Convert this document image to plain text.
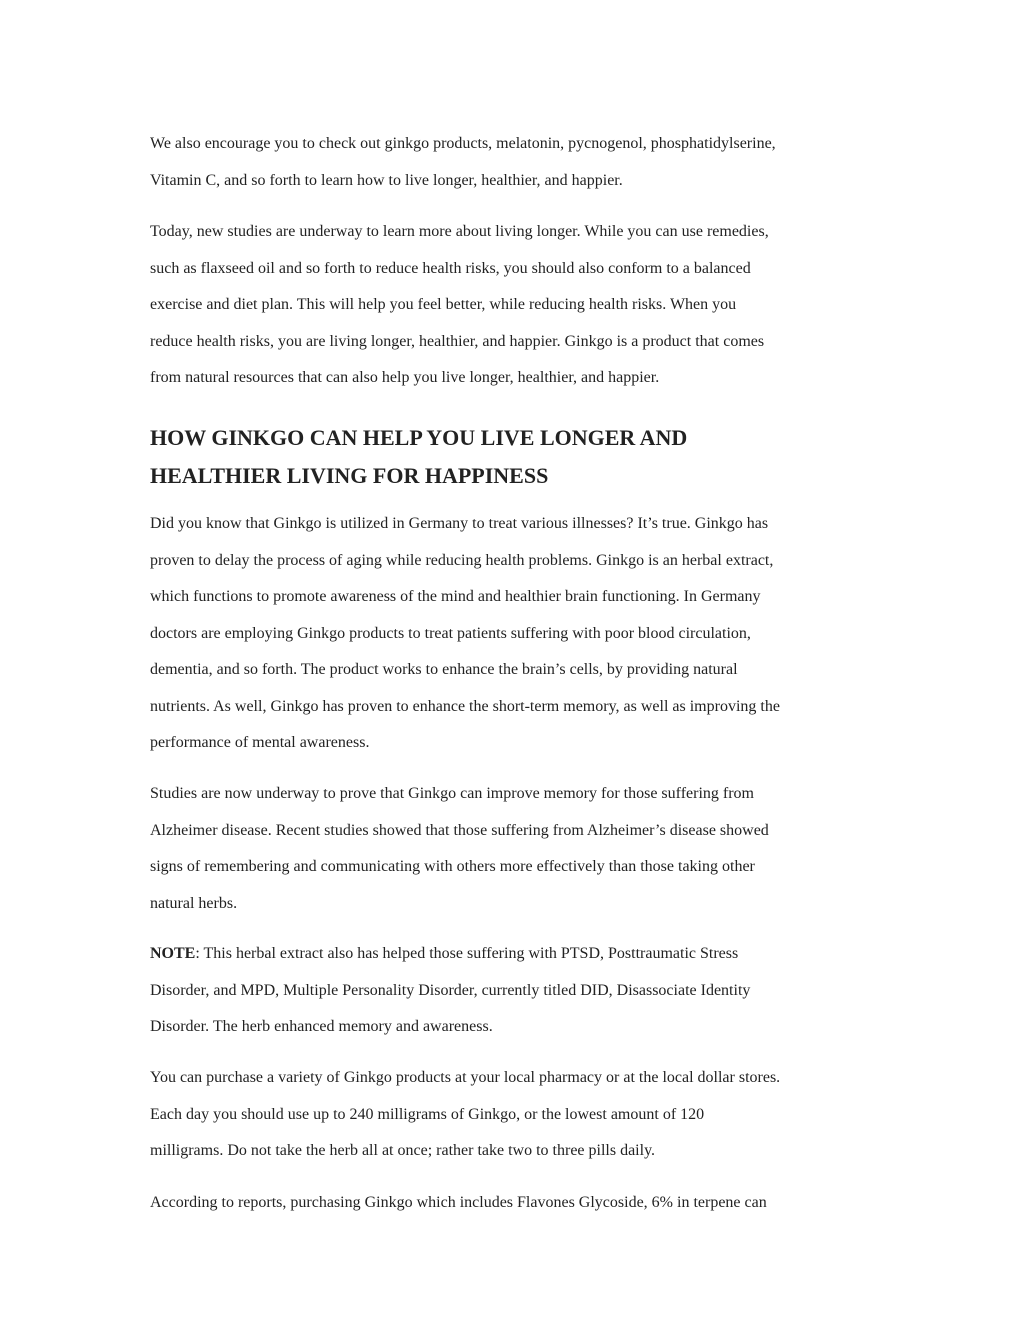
We also encourage you to check out ginkgo products, melatonin, pycnogenol, phosphatidylserine,
Vitamin C, and so forth to learn how to live longer, healthier, and happier.

Today, new studies are underway to learn more about living longer. While you can use remedies,
such as flaxseed oil and so forth to reduce health risks, you should also conform to a balanced
exercise and diet plan. This will help you feel better, while reducing health risks. When you
reduce health risks, you are living longer, healthier, and happier. Ginkgo is a product that comes
from natural resources that can also help you live longer, healthier, and happier.

HOW GINKGO CAN HELP YOU LIVE LONGER AND
HEALTHIER LIVING FOR HAPPINESS

Did you know that Ginkgo is utilized in Germany to treat various illnesses? It’s true. Ginkgo has
proven to delay the process of aging while reducing health problems. Ginkgo is an herbal extract,
which functions to promote awareness of the mind and healthier brain functioning. In Germany
doctors are employing Ginkgo products to treat patients suffering with poor blood circulation,
dementia, and so forth. The product works to enhance the brain’s cells, by providing natural
nutrients. As well, Ginkgo has proven to enhance the short-term memory, as well as improving the
performance of mental awareness.

Studies are now underway to prove that Ginkgo can improve memory for those suffering from
Alzheimer disease. Recent studies showed that those suffering from Alzheimer’s disease showed
signs of remembering and communicating with others more effectively than those taking other
natural herbs.

NOTE: This herbal extract also has helped those suffering with PTSD, Posttraumatic Stress
Disorder, and MPD, Multiple Personality Disorder, currently titled DID, Disassociate Identity
Disorder. The herb enhanced memory and awareness.

You can purchase a variety of Ginkgo products at your local pharmacy or at the local dollar stores.
Each day you should use up to 240 milligrams of Ginkgo, or the lowest amount of 120
milligrams. Do not take the herb all at once; rather take two to three pills daily.

According to reports, purchasing Ginkgo which includes Flavones Glycoside, 6% in terpene can
